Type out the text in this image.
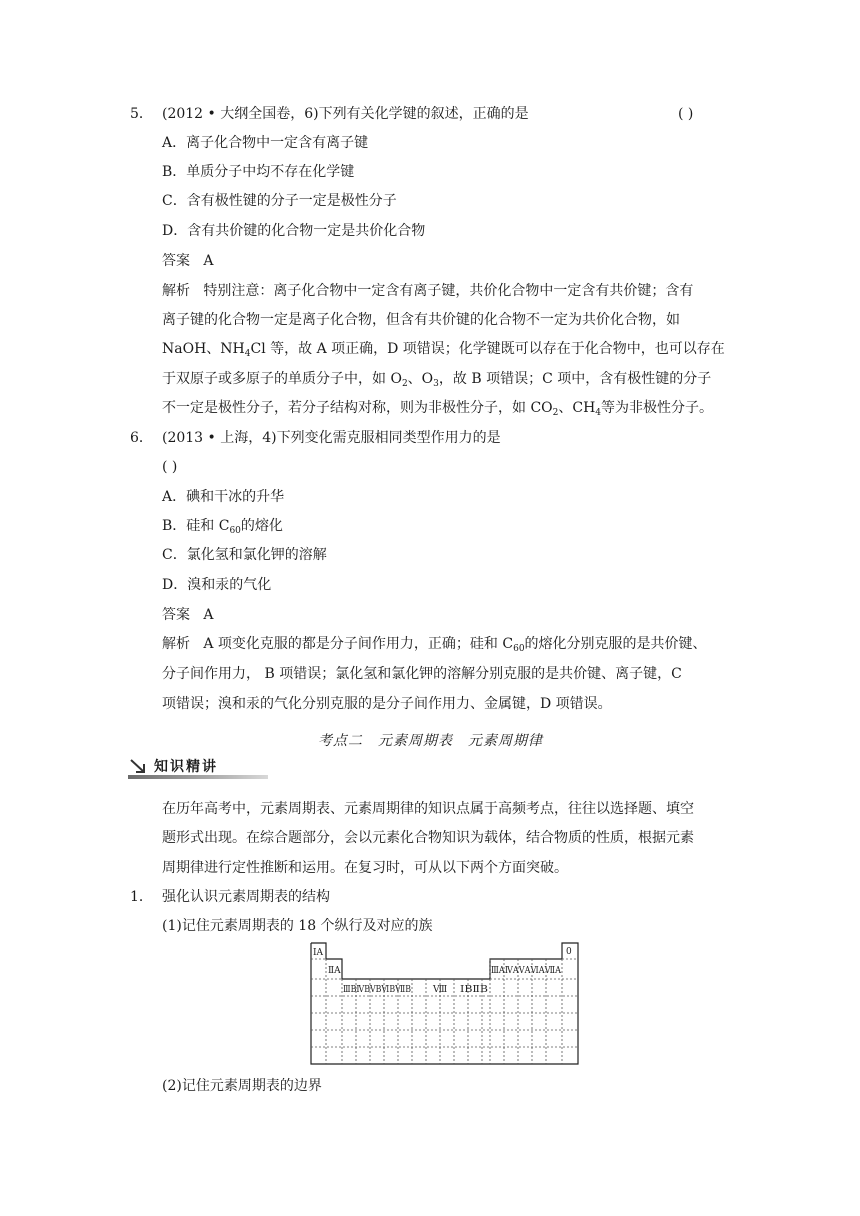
5． (2012 • 大纲全国卷，6)下列有关化学键的叙述，正确的是	( )
A．离子化合物中一定含有离子键
B．单质分子中均不存在化学键
C．含有极性键的分子一定是极性分子
D．含有共价键的化合物一定是共价化合物
答案 A
解析 特别注意：离子化合物中一定含有离子键，共价化合物中一定含有共价键；含有
离子键的化合物一定是离子化合物，但含有共价键的化合物不一定为共价化合物，如
NaOH、$NH_4Cl$ 等，故 A 项正确，D 项错误；化学键既可以存在于化合物中，也可以存在
于双原子或多原子的单质分子中，如 $O_2$、$O_3$，故 B 项错误；C 项中，含有极性键的分子
不一定是极性分子，若分子结构对称，则为非极性分子，如 $CO_2$、$CH_4$等为非极性分子。
6． (2013 • 上海，4)下列变化需克服相同类型作用力的是
( )
A．碘和干冰的升华
B．硅和 $C_{60}$的熔化
C．氯化氢和氯化钾的溶解
D．溴和汞的气化
答案 A
解析 A 项变化克服的都是分子间作用力，正确；硅和 $C_{60}$的熔化分别克服的是共价键、
分子间作用力， B 项错误；氯化氢和氯化钾的溶解分别克服的是共价键、离子键，C
项错误；溴和汞的气化分别克服的是分子间作用力、金属键，D 项错误。
考点二　元素周期表　元素周期律
知识精讲
在历年高考中，元素周期表、元素周期律的知识点属于高频考点，往往以选择题、填空
题形式出现。在综合题部分，会以元素化合物知识为载体，结合物质的性质，根据元素
周期律进行定性推断和运用。在复习时，可从以下两个方面突破。
1． 强化认识元素周期表的结构
(1)记住元素周期表的 18 个纵行及对应的族
ⅠA	0
ⅡA	ⅢAⅣAⅤAⅥAⅦA
ⅢBⅣBⅤBⅥBⅦB Ⅷ ⅠBⅡB
(2)记住元素周期表的边界
